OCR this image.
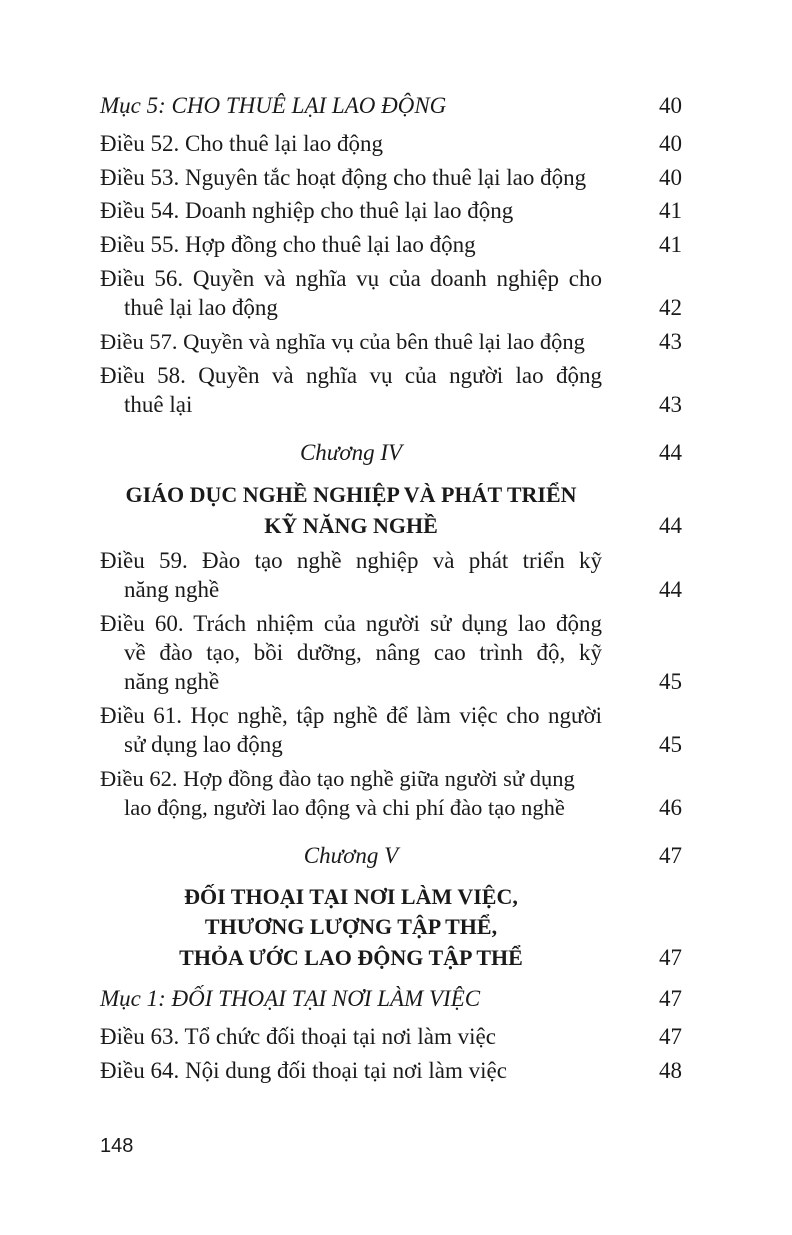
Mục 5: CHO THUÊ LẠI LAO ĐỘNG	40
Điều 52. Cho thuê lại lao động	40
Điều 53. Nguyên tắc hoạt động cho thuê lại lao động	40
Điều 54. Doanh nghiệp cho thuê lại lao động	41
Điều 55. Hợp đồng cho thuê lại lao động	41
Điều 56. Quyền và nghĩa vụ của doanh nghiệp cho
thuê lại lao động	42
Điều 57. Quyền và nghĩa vụ của bên thuê lại lao động	43
Điều 58. Quyền và nghĩa vụ của người lao động
thuê lại	43
Chương IV	44
GIÁO DỤC NGHỀ NGHIỆP VÀ PHÁT TRIỂN
KỸ NĂNG NGHỀ	44
Điều 59. Đào tạo nghề nghiệp và phát triển kỹ
năng nghề	44
Điều 60. Trách nhiệm của người sử dụng lao động
về đào tạo, bồi dưỡng, nâng cao trình độ, kỹ
năng nghề	45
Điều 61. Học nghề, tập nghề để làm việc cho người
sử dụng lao động	45
Điều 62. Hợp đồng đào tạo nghề giữa người sử dụng
lao động, người lao động và chi phí đào tạo nghề	46
Chương V	47
ĐỐI THOẠI TẠI NƠI LÀM VIỆC,
THƯƠNG LƯỢNG TẬP THỂ,
THỎA ƯỚC LAO ĐỘNG TẬP THỂ	47
Mục 1: ĐỐI THOẠI TẠI NƠI LÀM VIỆC	47
Điều 63. Tổ chức đối thoại tại nơi làm việc	47
Điều 64. Nội dung đối thoại tại nơi làm việc	48
148
